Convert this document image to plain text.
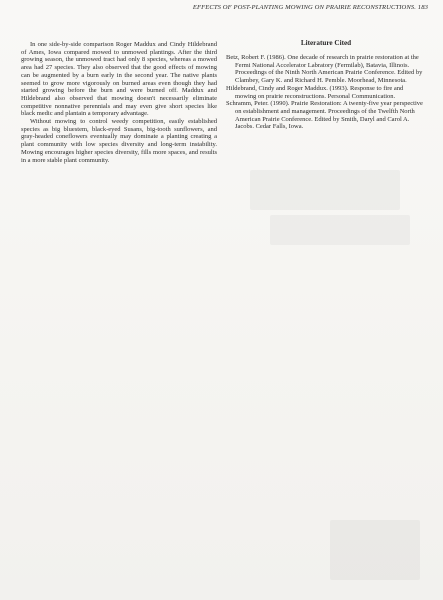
EFFECTS OF POST-PLANTING MOWING ON PRAIRIE RECONSTRUCTIONS. 183

In one side-by-side comparison Roger Maddux and Cindy Hildebrand of Ames, Iowa compared mowed to unmowed plantings. After the third growing season, the unmowed tract had only 8 species, whereas a mowed area had 27 species. They also observed that the good effects of mowing can be augmented by a burn early in the second year. The native plants seemed to grow more vigorously on burned areas even though they had started growing before the burn and were burned off. Maddux and Hildebrand also observed that mowing doesn't necessarily eliminate competitive nonnative perennials and may even give short species like black medic and plantain a temporary advantage.

Without mowing to control weedy competition, easily established species as big bluestem, black-eyed Susans, big-tooth sunflowers, and gray-headed coneflowers eventually may dominate a planting creating a plant community with low species diversity and long-term instability. Mowing encourages higher species diversity, fills more spaces, and results in a more stable plant community.

Literature Cited

Betz, Robert F. (1986). One decade of research in prairie restoration at the Fermi National Accelerator Labratory (Fermilab), Batavia, Illinois. Proceedings of the Ninth North American Prairie Conference. Edited by Clambey, Gary K. and Richard H. Pemble. Moorhead, Minnesota.

Hildebrand, Cindy and Roger Maddux. (1993). Response to fire and mowing on prairie reconstructions. Personal Communication.

Schramm, Peter. (1990). Prairie Restoration: A twenty-five year perspective on establishment and management. Proceedings of the Twelfth North American Prairie Conference. Edited by Smith, Daryl and Carol A. Jacobs. Cedar Falls, Iowa.
